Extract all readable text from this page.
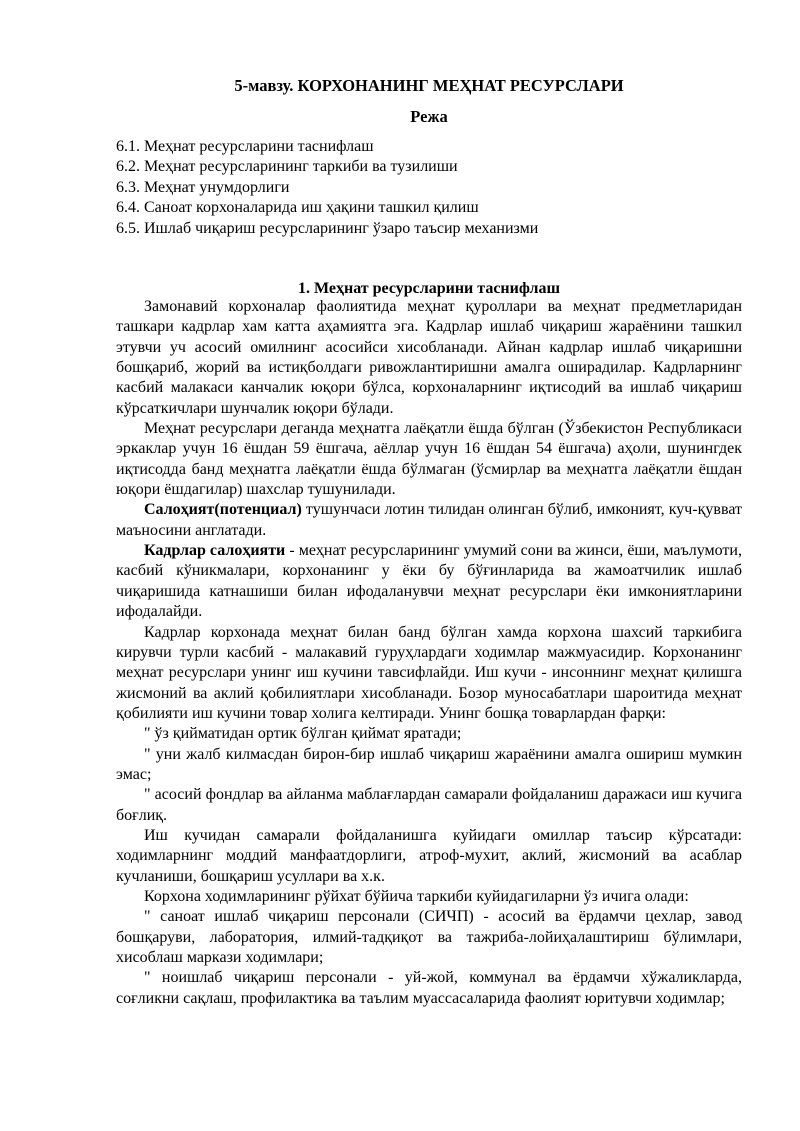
5-мавзу. КОРХОНАНИНГ МЕҲНАТ РЕСУРСЛАРИ
Режа
6.1. Меҳнат ресурсларини таснифлаш
6.2. Меҳнат ресурсларининг таркиби ва тузилиши
6.3. Меҳнат унумдорлиги
6.4. Саноат корхоналарида иш ҳақини ташкил қилиш
6.5. Ишлаб чиқариш ресурсларининг ўзаро таъсир механизми
1. Меҳнат ресурсларини таснифлаш

Замонавий корхоналар фаолиятида меҳнат қуроллари ва меҳнат предметларидан ташкари кадрлар хам катта аҳамиятга эга. Кадрлар ишлаб чиқариш жараёнини ташкил этувчи уч асосий омилнинг асосийси хисобланади. Айнан кадрлар ишлаб чиқаришни бошқариб, жорий ва истиқболдаги ривожлантиришни амалга оширадилар. Кадрларнинг касбий малакаси канчалик юқори бўлса, корхоналарнинг иқтисодий ва ишлаб чиқариш кўрсаткичлари шунчалик юқори бўлади.

Меҳнат ресурслари деганда меҳнатга лаёқатли ёшда бўлган (Ўзбекистон Республикаси эркаклар учун 16 ёшдан 59 ёшгача, аёллар учун 16 ёшдан 54 ёшгача) аҳоли, шунингдек иқтисодда банд меҳнатга лаёқатли ёшда бўлмаган (ўсмирлар ва меҳнатга лаёқатли ёшдан юқори ёшдагилар) шахслар тушунилади.

Салоҳият(потенциал) тушунчаси лотин тилидан олинган бўлиб, имконият, куч-қувват маъносини англатади.

Кадрлар салоҳияти - меҳнат ресурсларининг умумий сони ва жинси, ёши, маълумоти, касбий кўникмалари, корхонанинг у ёки бу бўғинларида ва жамоатчилик ишлаб чиқаришида катнашиши билан ифодаланувчи меҳнат ресурслари ёки имкониятларини ифодалайди.

Кадрлар корхонада меҳнат билан банд бўлган хамда корхона шахсий таркибига кирувчи турли касбий - малакавий гуруҳлардаги ходимлар мажмуасидир. Корхонанинг меҳнат ресурслари унинг иш кучини тавсифлайди. Иш кучи - инсоннинг меҳнат қилишга жисмоний ва аклий қобилиятлари хисобланади. Бозор муносабатлари шароитида меҳнат қобилияти иш кучини товар холига келтиради. Унинг бошқа товарлардан фарқи:

" ўз қийматидан ортик бўлган қиймат яратади;

" уни жалб килмасдан бирон-бир ишлаб чиқариш жараёнини амалга ошириш мумкин эмас;

" асосий фондлар ва айланма маблағлардан самарали фойдаланиш даражаси иш кучига боғлиқ.

Иш кучидан самарали фойдаланишга куйидаги омиллар таъсир кўрсатади: ходимларнинг моддий манфаатдорлиги, атроф-мухит, аклий, жисмоний ва асаблар кучланиши, бошқариш усуллари ва х.к.

Корхона ходимларининг рўйхат бўйича таркиби куйидагиларни ўз ичига олади:

" саноат ишлаб чиқариш персонали (СИЧП) - асосий ва ёрдамчи цехлар, завод бошқаруви, лаборатория, илмий-тадқиқот ва тажриба-лойиҳалаштириш бўлимлари, хисоблаш маркази ходимлари;

" ноишлаб чиқариш персонали - уй-жой, коммунал ва ёрдамчи хўжаликларда, соғликни сақлаш, профилактика ва таълим муассасаларида фаолият юритувчи ходимлар;
